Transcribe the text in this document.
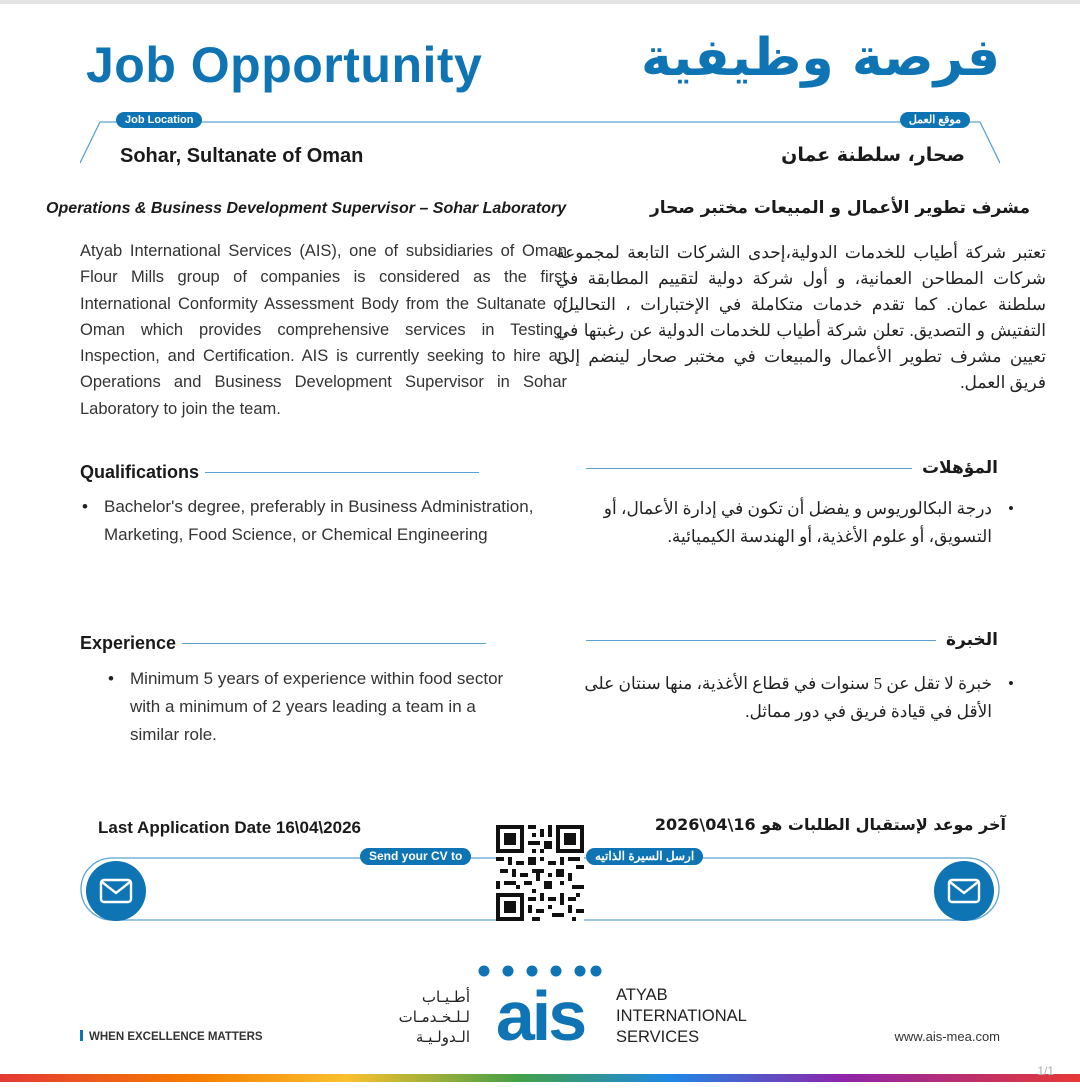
Job Opportunity	فرصة وظيفية
Job Location	موقع العمل
Sohar, Sultanate of Oman	صحار، سلطنة عمان
Operations & Business Development Supervisor – Sohar Laboratory	مشرف تطوير الأعمال و المبيعات مختبر صحار

Atyab International Services (AIS), one of subsidiaries of Oman Flour Mills group of companies is considered as the first International Conformity Assessment Body from the Sultanate of Oman which provides comprehensive services in Testing, Inspection, and Certification. AIS is currently seeking to hire an Operations and Business Development Supervisor in Sohar Laboratory to join the team.

تعتبر شركة أطياب للخدمات الدولية،إحدى الشركات التابعة لمجموعة شركات المطاحن العمانية، و أول شركة دولية لتقييم المطابقة في سلطنة عمان. كما تقدم خدمات متكاملة في الإختبارات ، التحاليل، التفتيش و التصديق. تعلن شركة أطياب للخدمات الدولية عن رغبتها في تعيين مشرف تطوير الأعمال والمبيعات في مختبر صحار لينضم إلى فريق العمل.

Qualifications	المؤهلات
• Bachelor's degree, preferably in Business Administration, Marketing, Food Science, or Chemical Engineering
• درجة البكالوريوس و يفضل أن تكون في إدارة الأعمال، أو التسويق، أو علوم الأغذية، أو الهندسة الكيميائية.
Experience	الخبرة
• Minimum 5 years of experience within food sector with a minimum of 2 years leading a team in a similar role.
• خبرة لا تقل عن 5 سنوات في قطاع الأغذية، منها سنتان على الأقل في قيادة فريق في دور مماثل.
Last Application Date 16\04\2026	آخر موعد لإستقبال الطلبات هو 16\04\2026
Send your CV to	ارسل السيرة الذاتيه
أطـيـاب
لـلـخـدمـات
الـدولـيـة ais ATYAB
INTERNATIONAL
SERVICES
WHEN EXCELLENCE MATTERS	www.ais-mea.com
1/1
